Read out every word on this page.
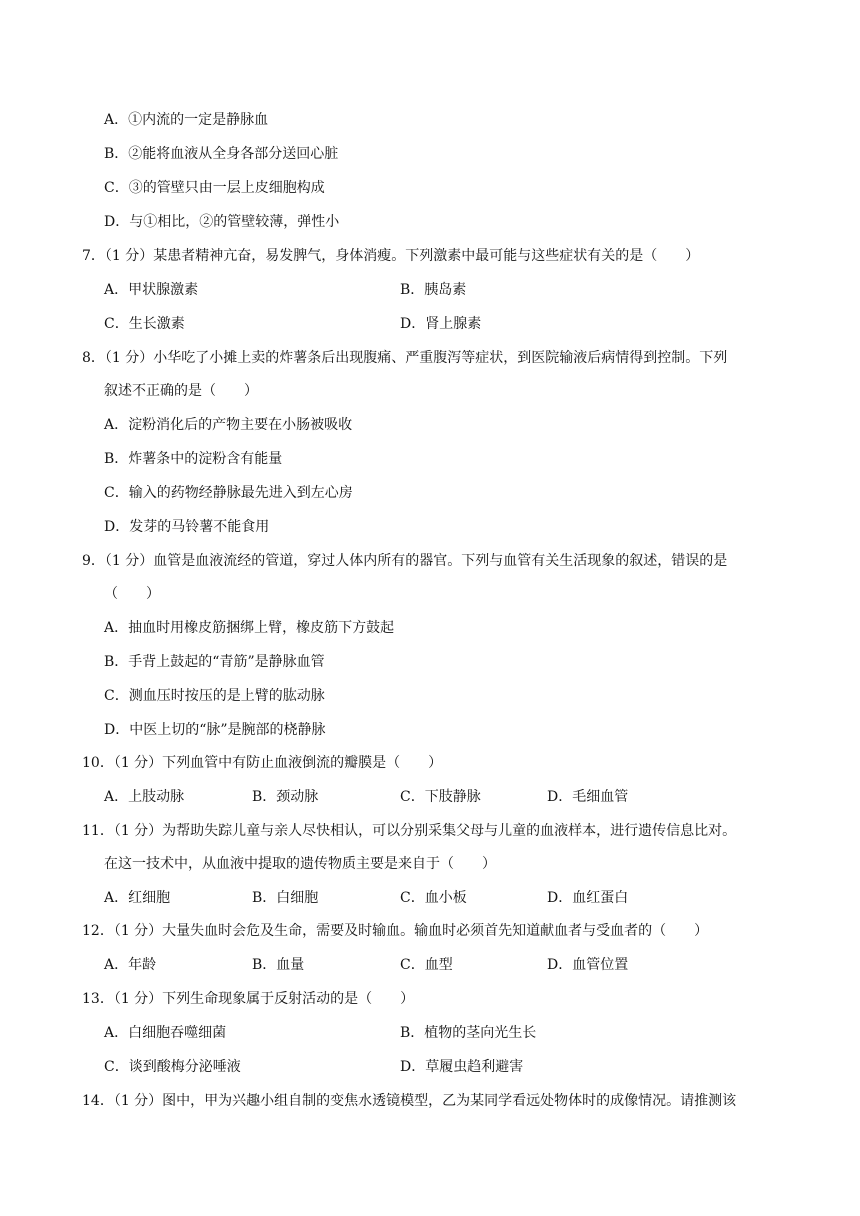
A．①内流的一定是静脉血
B．②能将血液从全身各部分送回心脏
C．③的管壁只由一层上皮细胞构成
D．与①相比，②的管壁较薄，弹性小
7．（1 分）某患者精神亢奋，易发脾气，身体消瘦。下列激素中最可能与这些症状有关的是（　　）
A．甲状腺激素	B．胰岛素
C．生长激素	D．肾上腺素
8．（1 分）小华吃了小摊上卖的炸薯条后出现腹痛、严重腹泻等症状，到医院输液后病情得到控制。下列
叙述不正确的是（　　）
A．淀粉消化后的产物主要在小肠被吸收
B．炸薯条中的淀粉含有能量
C．输入的药物经静脉最先进入到左心房
D．发芽的马铃薯不能食用
9．（1 分）血管是血液流经的管道，穿过人体内所有的器官。下列与血管有关生活现象的叙述，错误的是
（　　）
A．抽血时用橡皮筋捆绑上臂，橡皮筋下方鼓起
B．手背上鼓起的“青筋”是静脉血管
C．测血压时按压的是上臂的肱动脉
D．中医上切的“脉”是腕部的桡静脉
10．（1 分）下列血管中有防止血液倒流的瓣膜是（　　）
A．上肢动脉	B．颈动脉	C．下肢静脉	D．毛细血管
11．（1 分）为帮助失踪儿童与亲人尽快相认，可以分别采集父母与儿童的血液样本，进行遗传信息比对。
在这一技术中，从血液中提取的遗传物质主要是来自于（　　）
A．红细胞	B．白细胞	C．血小板	D．血红蛋白
12．（1 分）大量失血时会危及生命，需要及时输血。输血时必须首先知道献血者与受血者的（　　）
A．年龄	B．血量	C．血型	D．血管位置
13．（1 分）下列生命现象属于反射活动的是（　　）
A．白细胞吞噬细菌	B．植物的茎向光生长
C．谈到酸梅分泌唾液	D．草履虫趋利避害
14．（1 分）图中，甲为兴趣小组自制的变焦水透镜模型，乙为某同学看远处物体时的成像情况。请推测该
